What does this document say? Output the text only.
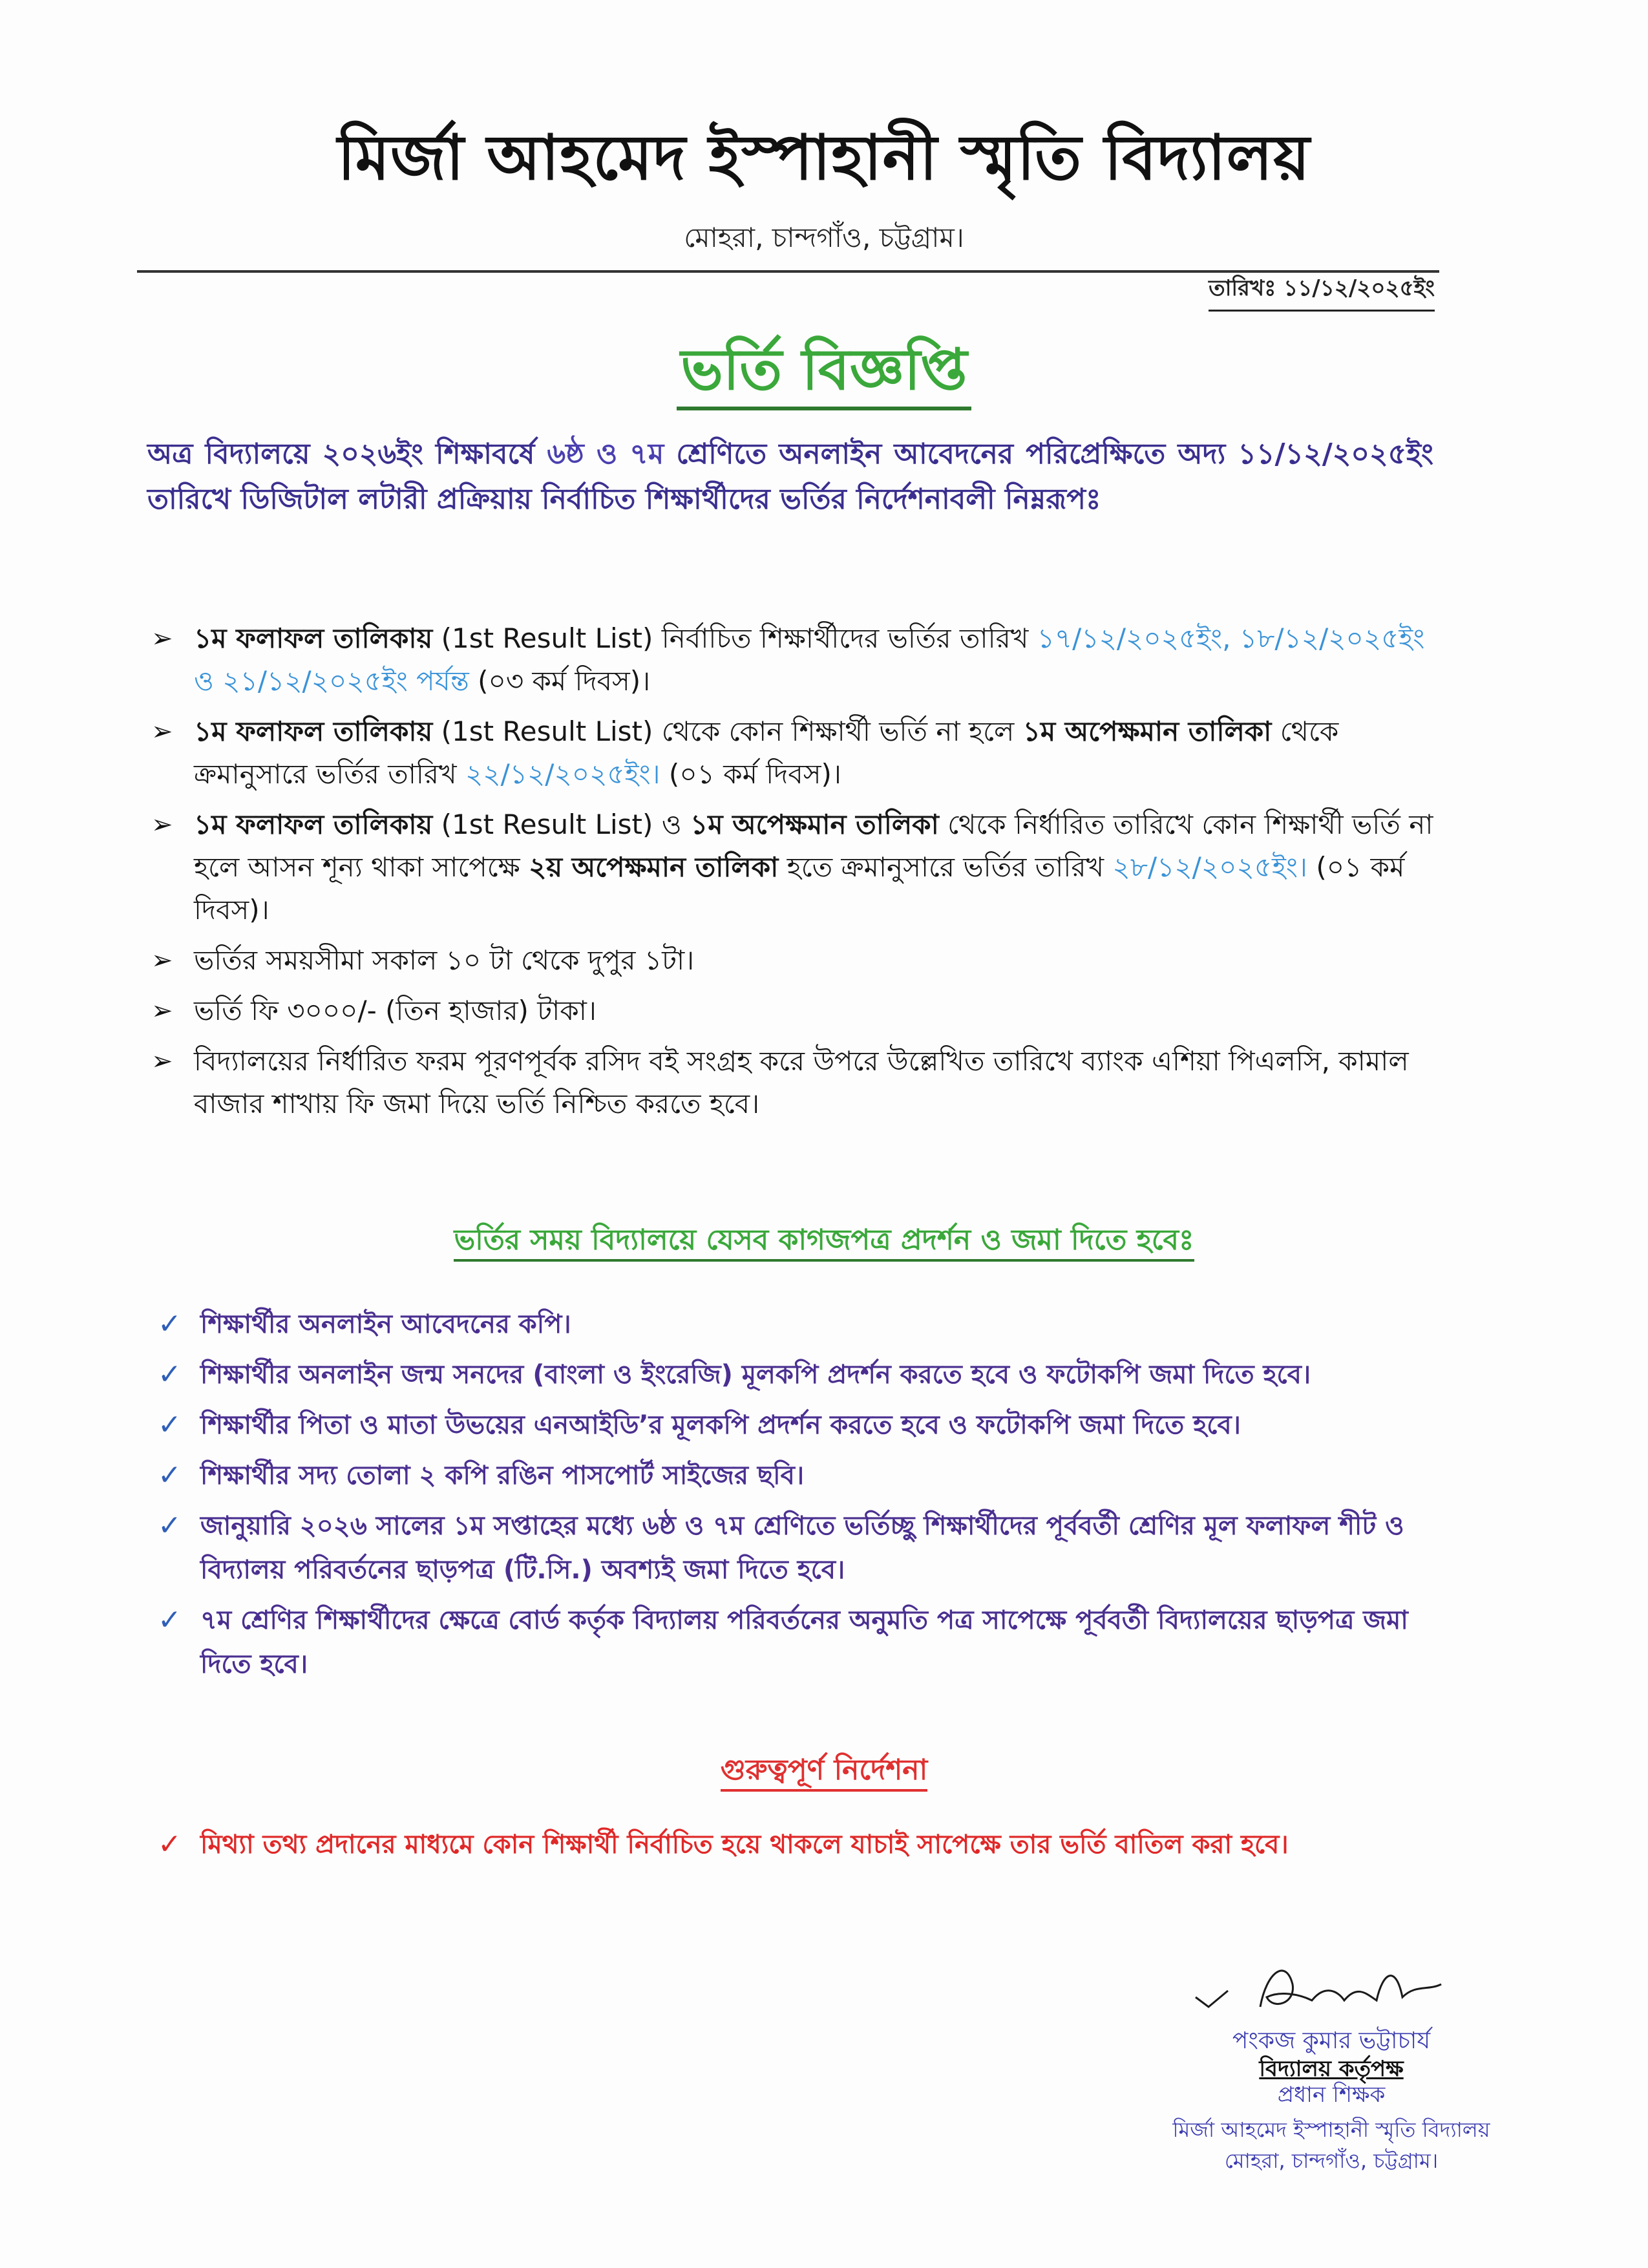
মির্জা আহমেদ ইস্পাহানী স্মৃতি বিদ্যালয়
মোহরা, চান্দগাঁও, চট্টগ্রাম।
তারিখঃ ১১/১২/২০২৫ইং
ভর্তি বিজ্ঞপ্তি
অত্র বিদ্যালয়ে ২০২৬ইং শিক্ষাবর্ষে ৬ষ্ঠ ও ৭ম শ্রেণিতে অনলাইন আবেদনের পরিপ্রেক্ষিতে অদ্য ১১/১২/২০২৫ইং তারিখে ডিজিটাল লটারী প্রক্রিয়ায় নির্বাচিত শিক্ষার্থীদের ভর্তির নির্দেশনাবলী নিম্নরূপঃ
➢ ১ম ফলাফল তালিকায় (1st Result List) নির্বাচিত শিক্ষার্থীদের ভর্তির তারিখ ১৭/১২/২০২৫ইং, ১৮/১২/২০২৫ইং ও ২১/১২/২০২৫ইং পর্যন্ত (০৩ কর্ম দিবস)।
➢ ১ম ফলাফল তালিকায় (1st Result List) থেকে কোন শিক্ষার্থী ভর্তি না হলে ১ম অপেক্ষমান তালিকা থেকে ক্রমানুসারে ভর্তির তারিখ ২২/১২/২০২৫ইং। (০১ কর্ম দিবস)।
➢ ১ম ফলাফল তালিকায় (1st Result List) ও ১ম অপেক্ষমান তালিকা থেকে নির্ধারিত তারিখে কোন শিক্ষার্থী ভর্তি না হলে আসন শূন্য থাকা সাপেক্ষে ২য় অপেক্ষমান তালিকা হতে ক্রমানুসারে ভর্তির তারিখ ২৮/১২/২০২৫ইং। (০১ কর্ম দিবস)।
➢ ভর্তির সময়সীমা সকাল ১০ টা থেকে দুপুর ১টা।
➢ ভর্তি ফি ৩০০০/- (তিন হাজার) টাকা।
➢ বিদ্যালয়ের নির্ধারিত ফরম পূরণপূর্বক রসিদ বই সংগ্রহ করে উপরে উল্লেখিত তারিখে ব্যাংক এশিয়া পিএলসি, কামাল বাজার শাখায় ফি জমা দিয়ে ভর্তি নিশ্চিত করতে হবে।
ভর্তির সময় বিদ্যালয়ে যেসব কাগজপত্র প্রদর্শন ও জমা দিতে হবেঃ
✓ শিক্ষার্থীর অনলাইন আবেদনের কপি।
✓ শিক্ষার্থীর অনলাইন জন্ম সনদের (বাংলা ও ইংরেজি) মূলকপি প্রদর্শন করতে হবে ও ফটোকপি জমা দিতে হবে।
✓ শিক্ষার্থীর পিতা ও মাতা উভয়ের এনআইডি’র মূলকপি প্রদর্শন করতে হবে ও ফটোকপি জমা দিতে হবে।
✓ শিক্ষার্থীর সদ্য তোলা ২ কপি রঙিন পাসপোর্ট সাইজের ছবি।
✓ জানুয়ারি ২০২৬ সালের ১ম সপ্তাহের মধ্যে ৬ষ্ঠ ও ৭ম শ্রেণিতে ভর্তিচ্ছু শিক্ষার্থীদের পূর্ববর্তী শ্রেণির মূল ফলাফল শীট ও বিদ্যালয় পরিবর্তনের ছাড়পত্র (টি.সি.) অবশ্যই জমা দিতে হবে।
✓ ৭ম শ্রেণির শিক্ষার্থীদের ক্ষেত্রে বোর্ড কর্তৃক বিদ্যালয় পরিবর্তনের অনুমতি পত্র সাপেক্ষে পূর্ববর্তী বিদ্যালয়ের ছাড়পত্র জমা দিতে হবে।
গুরুত্বপূর্ণ নির্দেশনা
✓ মিথ্যা তথ্য প্রদানের মাধ্যমে কোন শিক্ষার্থী নির্বাচিত হয়ে থাকলে যাচাই সাপেক্ষে তার ভর্তি বাতিল করা হবে।
পংকজ কুমার ভট্টাচার্য
বিদ্যালয় কর্তৃপক্ষ
প্রধান শিক্ষক
মির্জা আহমেদ ইস্পাহানী স্মৃতি বিদ্যালয়
মোহরা, চান্দগাঁও, চট্টগ্রাম।
